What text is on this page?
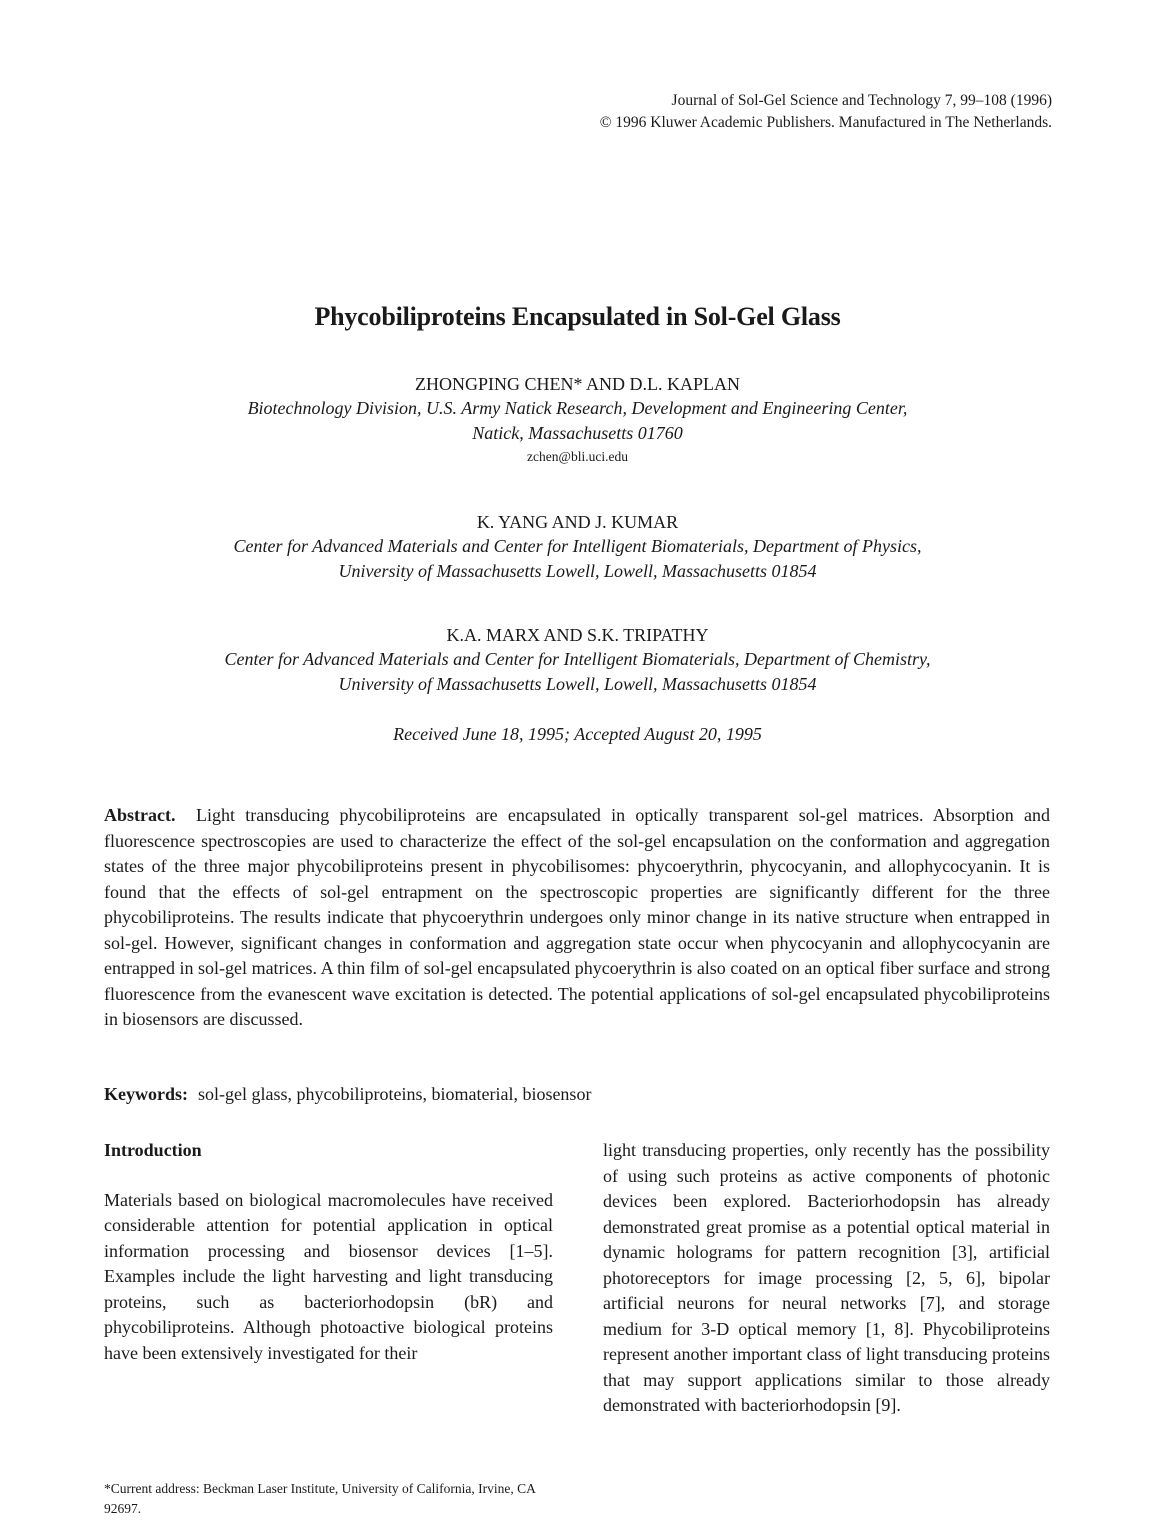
Journal of Sol-Gel Science and Technology 7, 99–108 (1996)
© 1996 Kluwer Academic Publishers. Manufactured in The Netherlands.
Phycobiliproteins Encapsulated in Sol-Gel Glass
ZHONGPING CHEN* AND D.L. KAPLAN
Biotechnology Division, U.S. Army Natick Research, Development and Engineering Center,
Natick, Massachusetts 01760
zchen@bli.uci.edu
K. YANG AND J. KUMAR
Center for Advanced Materials and Center for Intelligent Biomaterials, Department of Physics,
University of Massachusetts Lowell, Lowell, Massachusetts 01854
K.A. MARX AND S.K. TRIPATHY
Center for Advanced Materials and Center for Intelligent Biomaterials, Department of Chemistry,
University of Massachusetts Lowell, Lowell, Massachusetts 01854
Received June 18, 1995; Accepted August 20, 1995
Abstract. Light transducing phycobiliproteins are encapsulated in optically transparent sol-gel matrices. Absorption and fluorescence spectroscopies are used to characterize the effect of the sol-gel encapsulation on the conformation and aggregation states of the three major phycobiliproteins present in phycobilisomes: phycoerythrin, phycocyanin, and allophycocyanin. It is found that the effects of sol-gel entrapment on the spectroscopic properties are significantly different for the three phycobiliproteins. The results indicate that phycoerythrin undergoes only minor change in its native structure when entrapped in sol-gel. However, significant changes in conformation and aggregation state occur when phycocyanin and allophycocyanin are entrapped in sol-gel matrices. A thin film of sol-gel encapsulated phycoerythrin is also coated on an optical fiber surface and strong fluorescence from the evanescent wave excitation is detected. The potential applications of sol-gel encapsulated phycobiliproteins in biosensors are discussed.
Keywords: sol-gel glass, phycobiliproteins, biomaterial, biosensor
Introduction
Materials based on biological macromolecules have received considerable attention for potential application in optical information processing and biosensor devices [1–5]. Examples include the light harvesting and light transducing proteins, such as bacteriorhodopsin (bR) and phycobiliproteins. Although photoactive biological proteins have been extensively investigated for their
*Current address: Beckman Laser Institute, University of California, Irvine, CA 92697.
light transducing properties, only recently has the possibility of using such proteins as active components of photonic devices been explored. Bacteriorhodopsin has already demonstrated great promise as a potential optical material in dynamic holograms for pattern recognition [3], artificial photoreceptors for image processing [2, 5, 6], bipolar artificial neurons for neural networks [7], and storage medium for 3-D optical memory [1, 8]. Phycobiliproteins represent another important class of light transducing proteins that may support applications similar to those already demonstrated with bacteriorhodopsin [9].
